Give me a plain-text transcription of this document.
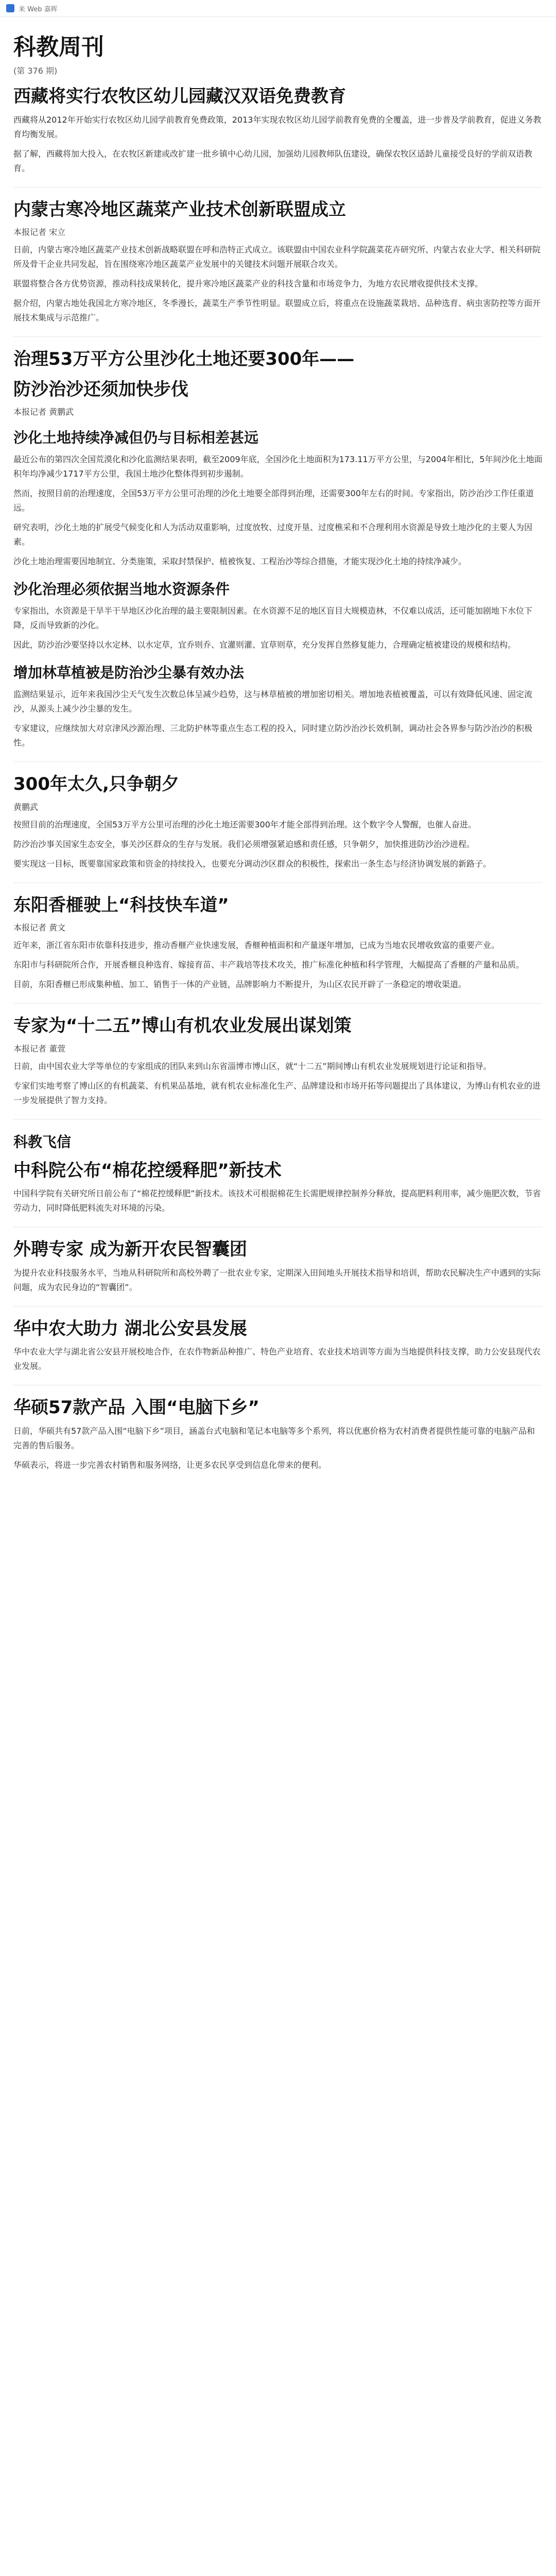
来 Web 嘉晖
科教周刊
(第 376 期)
西藏将实行农牧区幼儿园藏汉双语免费教育

西藏将从2012年开始实行农牧区幼儿园学前教育免费政策，2013年实现农牧区幼儿园学前教育免费的全覆盖，进一步普及学前教育，促进义务教育均衡发展。

据了解，西藏将加大投入，在农牧区新建或改扩建一批乡镇中心幼儿园，加强幼儿园教师队伍建设，确保农牧区适龄儿童接受良好的学前双语教育。

内蒙古寒冷地区蔬菜产业技术创新联盟成立
本报记者 宋立

日前，内蒙古寒冷地区蔬菜产业技术创新战略联盟在呼和浩特正式成立。该联盟由中国农业科学院蔬菜花卉研究所、内蒙古农业大学、相关科研院所及骨干企业共同发起，旨在围绕寒冷地区蔬菜产业发展中的关键技术问题开展联合攻关。

联盟将整合各方优势资源，推动科技成果转化，提升寒冷地区蔬菜产业的科技含量和市场竞争力，为地方农民增收提供技术支撑。

据介绍，内蒙古地处我国北方寒冷地区，冬季漫长，蔬菜生产季节性明显。联盟成立后，将重点在设施蔬菜栽培、品种选育、病虫害防控等方面开展技术集成与示范推广。

治理53万平方公里沙化土地还要300年——
防沙治沙还须加快步伐
本报记者 黄鹏武
沙化土地持续净减但仍与目标相差甚远

最近公布的第四次全国荒漠化和沙化监测结果表明，截至2009年底，全国沙化土地面积为173.11万平方公里，与2004年相比，5年间沙化土地面积年均净减少1717平方公里，我国土地沙化整体得到初步遏制。

然而，按照目前的治理速度，全国53万平方公里可治理的沙化土地要全部得到治理，还需要300年左右的时间。专家指出，防沙治沙工作任重道远。

研究表明，沙化土地的扩展受气候变化和人为活动双重影响，过度放牧、过度开垦、过度樵采和不合理利用水资源是导致土地沙化的主要人为因素。

沙化土地治理需要因地制宜、分类施策，采取封禁保护、植被恢复、工程治沙等综合措施，才能实现沙化土地的持续净减少。

沙化治理必须依据当地水资源条件

专家指出，水资源是干旱半干旱地区沙化治理的最主要限制因素。在水资源不足的地区盲目大规模造林，不仅难以成活，还可能加剧地下水位下降，反而导致新的沙化。

因此，防沙治沙要坚持以水定林、以水定草，宜乔则乔、宜灌则灌、宜草则草，充分发挥自然修复能力，合理确定植被建设的规模和结构。

增加林草植被是防治沙尘暴有效办法

监测结果显示，近年来我国沙尘天气发生次数总体呈减少趋势，这与林草植被的增加密切相关。增加地表植被覆盖，可以有效降低风速、固定流沙，从源头上减少沙尘暴的发生。

专家建议，应继续加大对京津风沙源治理、三北防护林等重点生态工程的投入，同时建立防沙治沙长效机制，调动社会各界参与防沙治沙的积极性。

300年太久,只争朝夕
黄鹏武

按照目前的治理速度，全国53万平方公里可治理的沙化土地还需要300年才能全部得到治理。这个数字令人警醒，也催人奋进。

防沙治沙事关国家生态安全，事关沙区群众的生存与发展。我们必须增强紧迫感和责任感，只争朝夕，加快推进防沙治沙进程。

要实现这一目标，既要靠国家政策和资金的持续投入，也要充分调动沙区群众的积极性，探索出一条生态与经济协调发展的新路子。

东阳香榧驶上“科技快车道”
本报记者 黄文

近年来，浙江省东阳市依靠科技进步，推动香榧产业快速发展，香榧种植面积和产量逐年增加，已成为当地农民增收致富的重要产业。

东阳市与科研院所合作，开展香榧良种选育、嫁接育苗、丰产栽培等技术攻关，推广标准化种植和科学管理，大幅提高了香榧的产量和品质。

目前，东阳香榧已形成集种植、加工、销售于一体的产业链，品牌影响力不断提升，为山区农民开辟了一条稳定的增收渠道。

专家为“十二五”博山有机农业发展出谋划策
本报记者 董萱

日前，由中国农业大学等单位的专家组成的团队来到山东省淄博市博山区，就“十二五”期间博山有机农业发展规划进行论证和指导。

专家们实地考察了博山区的有机蔬菜、有机果品基地，就有机农业标准化生产、品牌建设和市场开拓等问题提出了具体建议，为博山有机农业的进一步发展提供了智力支持。

科教飞信
中科院公布“棉花控缓释肥”新技术

中国科学院有关研究所日前公布了“棉花控缓释肥”新技术。该技术可根据棉花生长需肥规律控制养分释放，提高肥料利用率，减少施肥次数，节省劳动力，同时降低肥料流失对环境的污染。

外聘专家 成为新开农民智囊团

为提升农业科技服务水平，当地从科研院所和高校外聘了一批农业专家，定期深入田间地头开展技术指导和培训，帮助农民解决生产中遇到的实际问题，成为农民身边的“智囊团”。

华中农大助力 湖北公安县发展

华中农业大学与湖北省公安县开展校地合作，在农作物新品种推广、特色产业培育、农业技术培训等方面为当地提供科技支撑，助力公安县现代农业发展。

华硕57款产品 入围“电脑下乡”

日前，华硕共有57款产品入围“电脑下乡”项目，涵盖台式电脑和笔记本电脑等多个系列，将以优惠价格为农村消费者提供性能可靠的电脑产品和完善的售后服务。

华硕表示，将进一步完善农村销售和服务网络，让更多农民享受到信息化带来的便利。
